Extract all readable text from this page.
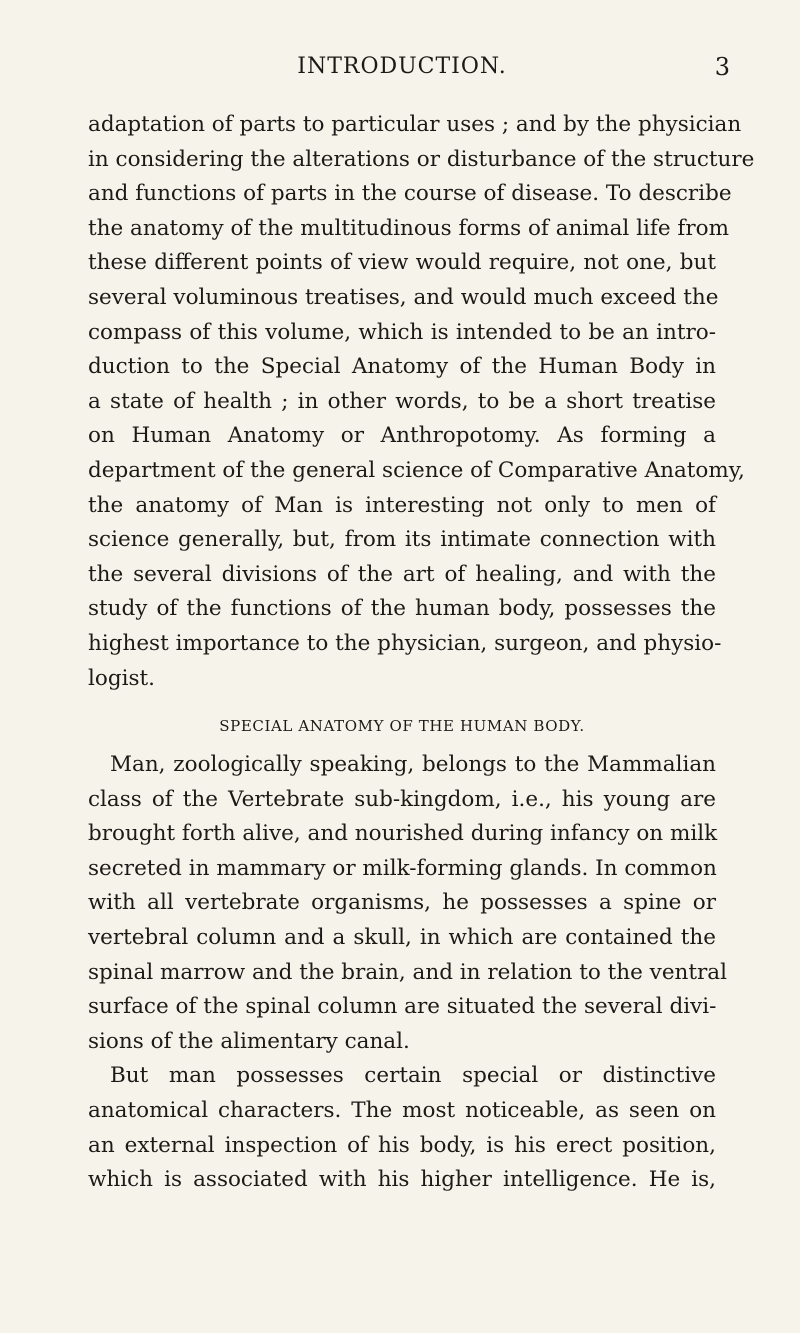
INTRODUCTION.	3
adaptation of parts to particular uses ; and by the physician
in considering the alterations or disturbance of the structure
and functions of parts in the course of disease. To describe
the anatomy of the multitudinous forms of animal life from
these different points of view would require, not one, but
several voluminous treatises, and would much exceed the
compass of this volume, which is intended to be an intro-
duction to the Special Anatomy of the Human Body in
a state of health ; in other words, to be a short treatise
on Human Anatomy or Anthropotomy. As forming a
department of the general science of Comparative Anatomy,
the anatomy of Man is interesting not only to men of
science generally, but, from its intimate connection with
the several divisions of the art of healing, and with the
study of the functions of the human body, possesses the
highest importance to the physician, surgeon, and physio-
logist.
SPECIAL ANATOMY OF THE HUMAN BODY.
Man, zoologically speaking, belongs to the Mammalian
class of the Vertebrate sub-kingdom, i.e., his young are
brought forth alive, and nourished during infancy on milk
secreted in mammary or milk-forming glands. In common
with all vertebrate organisms, he possesses a spine or
vertebral column and a skull, in which are contained the
spinal marrow and the brain, and in relation to the ventral
surface of the spinal column are situated the several divi-
sions of the alimentary canal.
But man possesses certain special or distinctive
anatomical characters. The most noticeable, as seen on
an external inspection of his body, is his erect position,
which is associated with his higher intelligence. He is,
